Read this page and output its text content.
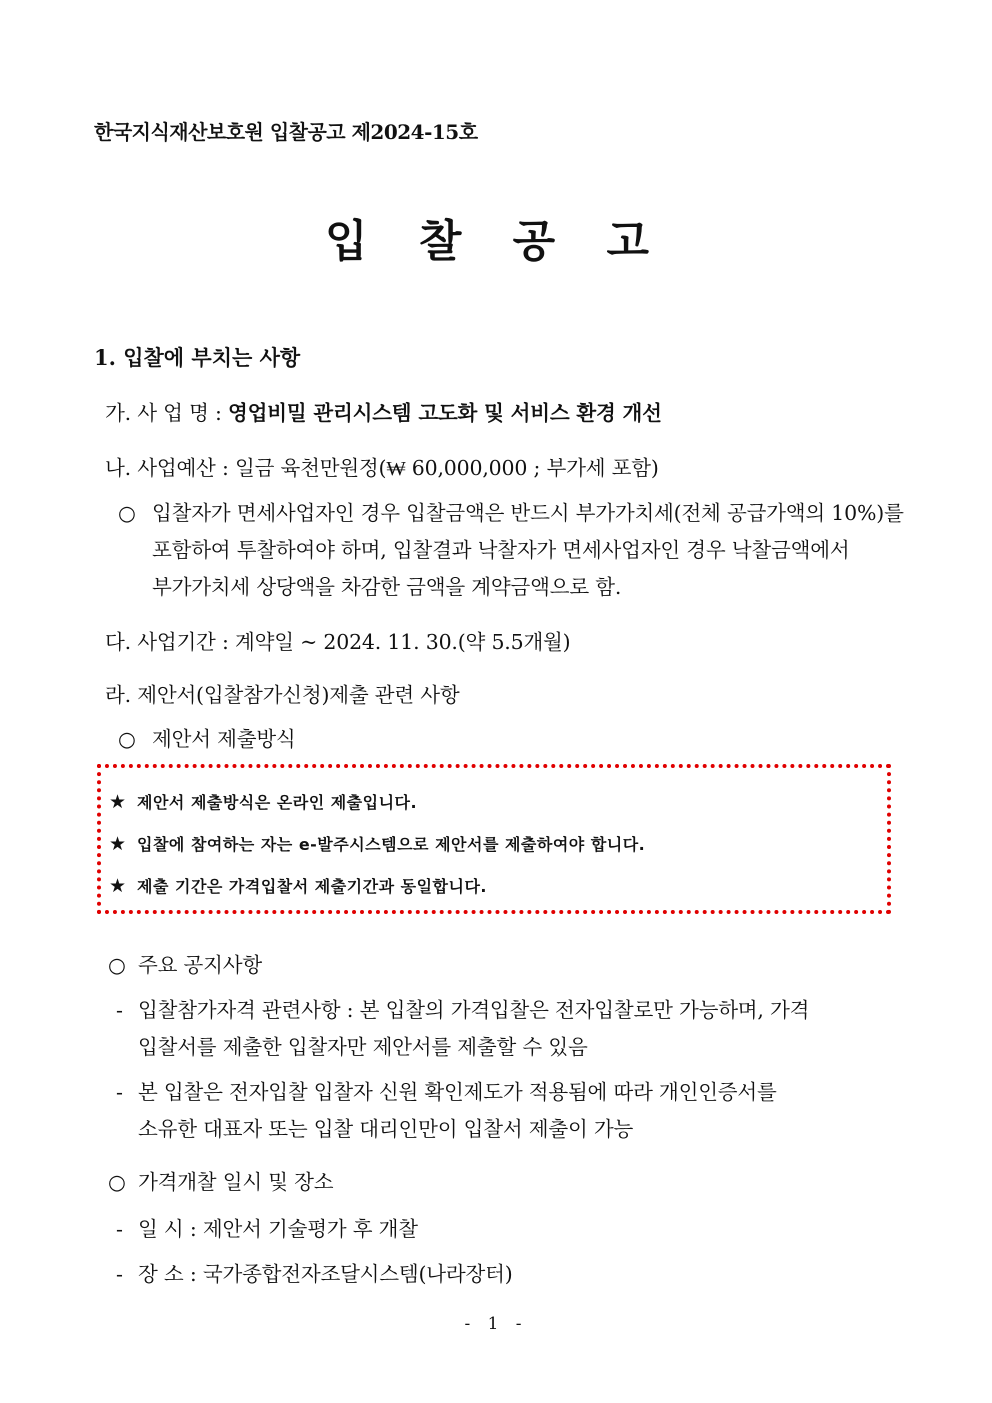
한국지식재산보호원 입찰공고 제2024-15호
입 찰 공 고
1. 입찰에 부치는 사항
가. 사 업 명 : 영업비밀 관리시스템 고도화 및 서비스 환경 개선
나. 사업예산 : 일금 육천만원정(₩ 60,000,000 ; 부가세 포함)
○ 입찰자가 면세사업자인 경우 입찰금액은 반드시 부가가치세(전체 공급가액의 10%)를
포함하여 투찰하여야 하며, 입찰결과 낙찰자가 면세사업자인 경우 낙찰금액에서
부가가치세 상당액을 차감한 금액을 계약금액으로 함.
다. 사업기간 : 계약일 ~ 2024. 11. 30.(약 5.5개월)
라. 제안서(입찰참가신청)제출 관련 사항
○ 제안서 제출방식
★ 제안서 제출방식은 온라인 제출입니다.
★ 입찰에 참여하는 자는 e-발주시스템으로 제안서를 제출하여야 합니다.
★ 제출 기간은 가격입찰서 제출기간과 동일합니다.
○ 주요 공지사항
- 입찰참가자격 관련사항 : 본 입찰의 가격입찰은 전자입찰로만 가능하며, 가격
입찰서를 제출한 입찰자만 제안서를 제출할 수 있음
- 본 입찰은 전자입찰 입찰자 신원 확인제도가 적용됨에 따라 개인인증서를
소유한 대표자 또는 입찰 대리인만이 입찰서 제출이 가능
○ 가격개찰 일시 및 장소
- 일 시 : 제안서 기술평가 후 개찰
- 장 소 : 국가종합전자조달시스템(나라장터)
- 1 -
